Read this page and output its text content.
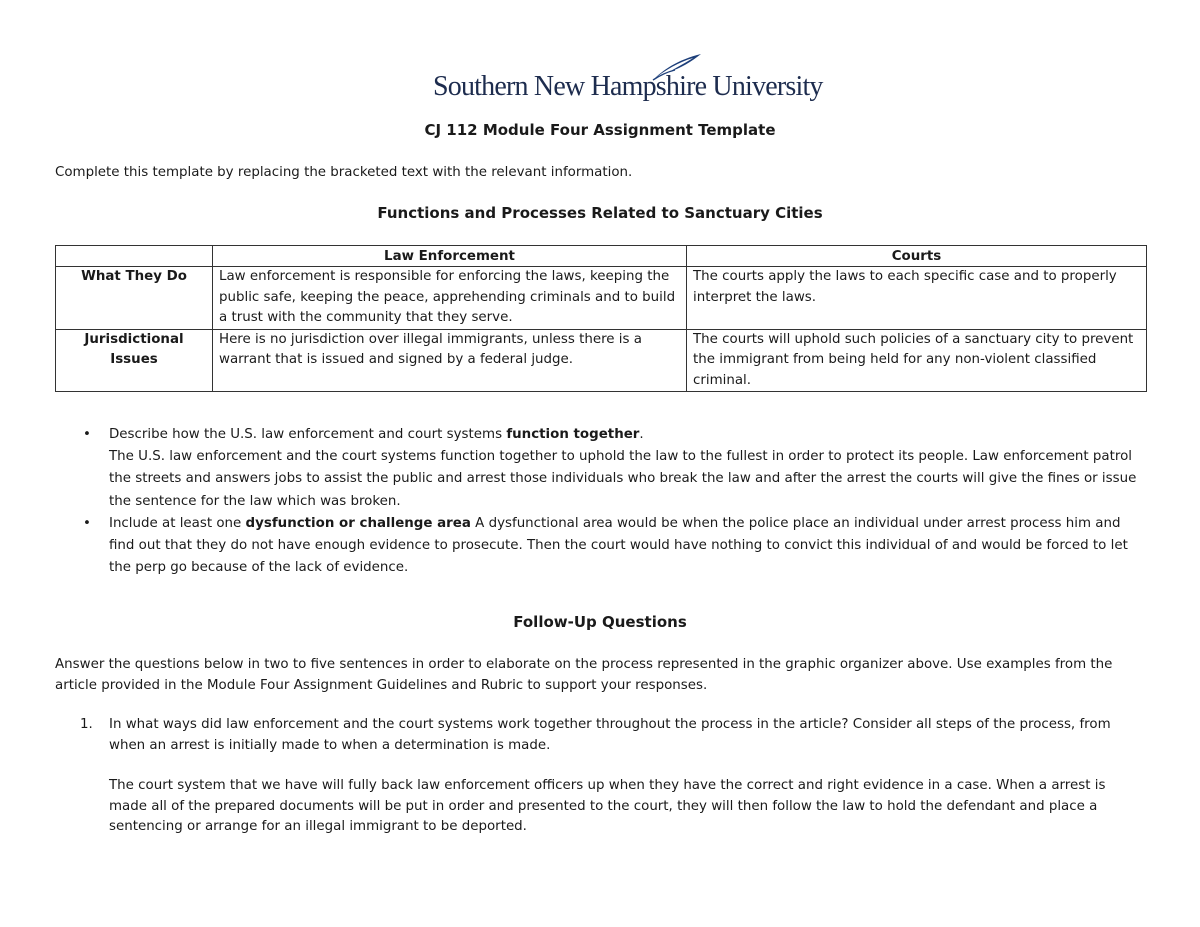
Southern New Hampshire University
CJ 112 Module Four Assignment Template
Complete this template by replacing the bracketed text with the relevant information.
Functions and Processes Related to Sanctuary Cities
	Law Enforcement	Courts
What They Do	Law enforcement is responsible for enforcing the laws, keeping the public safe, keeping the peace, apprehending criminals and to build a trust with the community that they serve.	The courts apply the laws to each specific case and to properly interpret the laws.
Jurisdictional Issues	Here is no jurisdiction over illegal immigrants, unless there is a warrant that is issued and signed by a federal judge.	The courts will uphold such policies of a sanctuary city to prevent the immigrant from being held for any non-violent classified criminal.
• Describe how the U.S. law enforcement and court systems function together.
The U.S. law enforcement and the court systems function together to uphold the law to the fullest in order to protect its people. Law enforcement patrol the streets and answers jobs to assist the public and arrest those individuals who break the law and after the arrest the courts will give the fines or issue the sentence for the law which was broken.
• Include at least one dysfunction or challenge area A dysfunctional area would be when the police place an individual under arrest process him and find out that they do not have enough evidence to prosecute. Then the court would have nothing to convict this individual of and would be forced to let the perp go because of the lack of evidence.
Follow-Up Questions
Answer the questions below in two to five sentences in order to elaborate on the process represented in the graphic organizer above. Use examples from the article provided in the Module Four Assignment Guidelines and Rubric to support your responses.
1. In what ways did law enforcement and the court systems work together throughout the process in the article? Consider all steps of the process, from when an arrest is initially made to when a determination is made.
The court system that we have will fully back law enforcement officers up when they have the correct and right evidence in a case. When a arrest is made all of the prepared documents will be put in order and presented to the court, they will then follow the law to hold the defendant and place a sentencing or arrange for an illegal immigrant to be deported.
